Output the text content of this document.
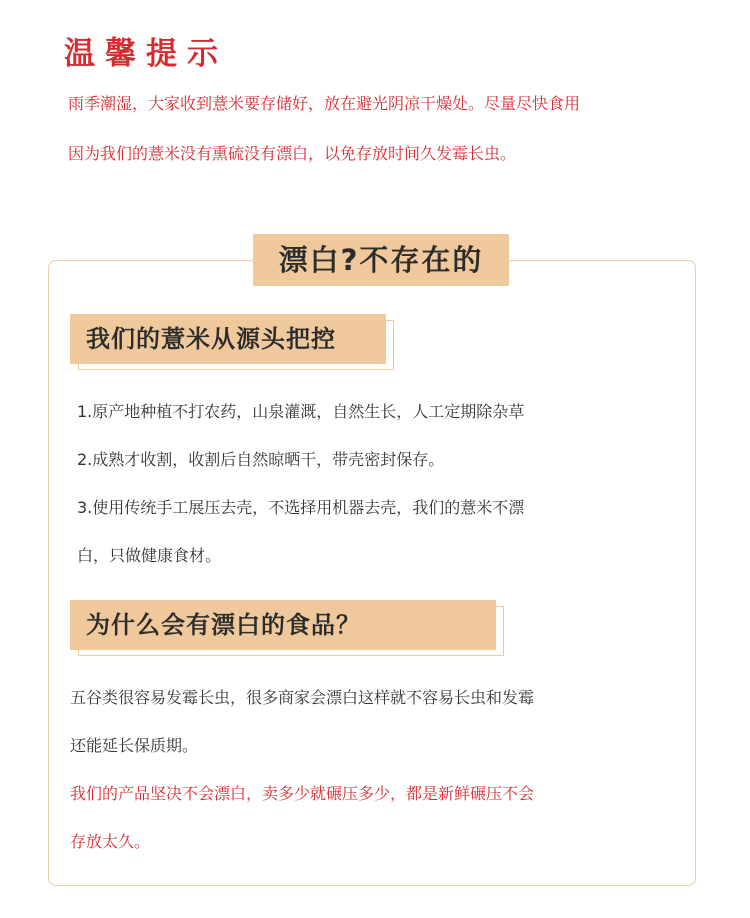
温馨提示

雨季潮湿，大家收到薏米要存储好，放在避光阴凉干燥处。尽量尽快食用

因为我们的薏米没有熏硫没有漂白，以免存放时间久发霉长虫。

漂白?不存在的
我们的薏米从源头把控

1.原产地种植不打农药，山泉灌溉，自然生长，人工定期除杂草

2.成熟才收割，收割后自然晾晒干，带壳密封保存。

3.使用传统手工展压去壳，不选择用机器去壳，我们的薏米不漂

白，只做健康食材。

为什么会有漂白的食品？

五谷类很容易发霉长虫，很多商家会漂白这样就不容易长虫和发霉

还能延长保质期。

我们的产品坚决不会漂白，卖多少就碾压多少，都是新鲜碾压不会

存放太久。
